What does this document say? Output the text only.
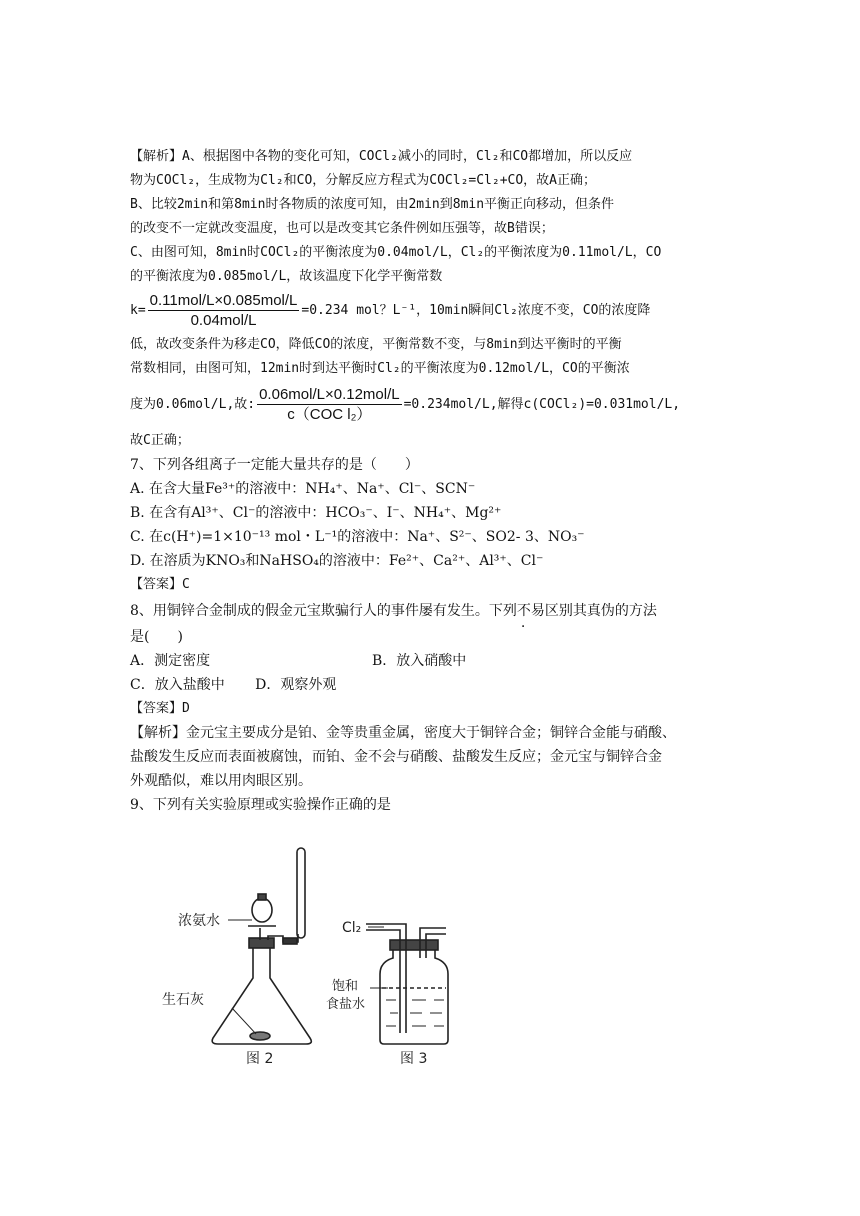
【解析】A、根据图中各物的变化可知，COCl₂减小的同时，Cl₂和CO都增加，所以反应
物为COCl₂，生成物为Cl₂和CO，分解反应方程式为COCl₂=Cl₂+CO，故A正确；
B、比较2min和第8min时各物质的浓度可知，由2min到8min平衡正向移动，但条件
的改变不一定就改变温度，也可以是改变其它条件例如压强等，故B错误；
C、由图可知，8min时COCl₂的平衡浓度为0.04mol/L，Cl₂的平衡浓度为0.11mol/L，CO
的平衡浓度为0.085mol/L，故该温度下化学平衡常数
$k= \frac{\text{0.11mol/L×0.085mol/L}}{\text{0.04mol/L}} =0.234$ mol？L⁻¹，10min瞬间Cl₂浓度不变，CO的浓度降
低，故改变条件为移走CO，降低CO的浓度，平衡常数不变，与8min到达平衡时的平衡
常数相同，由图可知，12min时到达平衡时Cl₂的平衡浓度为0.12mol/L，CO的平衡浓
度为0.06mol/L,故: $\frac{\text{0.06mol/L×0.12mol/L}}{\text{c（COC l₂）}} =0.234mol/L$,解得c(COCl₂)=0.031mol/L,
故C正确；
7、下列各组离子一定能大量共存的是（　　）
A. 在含大量Fe³⁺的溶液中：NH₄⁺、Na⁺、Cl⁻、SCN⁻
B. 在含有Al³⁺、Cl⁻的溶液中：HCO₃⁻、I⁻、NH₄⁺、Mg²⁺
C. 在c(H⁺)=1×10⁻¹³ mol・L⁻¹的溶液中：Na⁺、S²⁻、SO2- 3、NO₃⁻
D. 在溶质为KNO₃和NaHSO₄的溶液中：Fe²⁺、Ca²⁺、Al³⁺、Cl⁻
【答案】C
8、用铜锌合金制成的假金元宝欺骗行人的事件屡有发生。下列不易区别其真伪的方法
是(　　)
A．测定密度	B．放入硝酸中
C．放入盐酸中 D．观察外观
【答案】D
【解析】金元宝主要成分是铂、金等贵重金属，密度大于铜锌合金；铜锌合金能与硝酸、
盐酸发生反应而表面被腐蚀，而铂、金不会与硝酸、盐酸发生反应；金元宝与铜锌合金
外观酷似，难以用肉眼区别。
9、下列有关实验原理或实验操作正确的是
浓氨水
生石灰
图 2
Cl₂
饱和
食盐水
图 3
